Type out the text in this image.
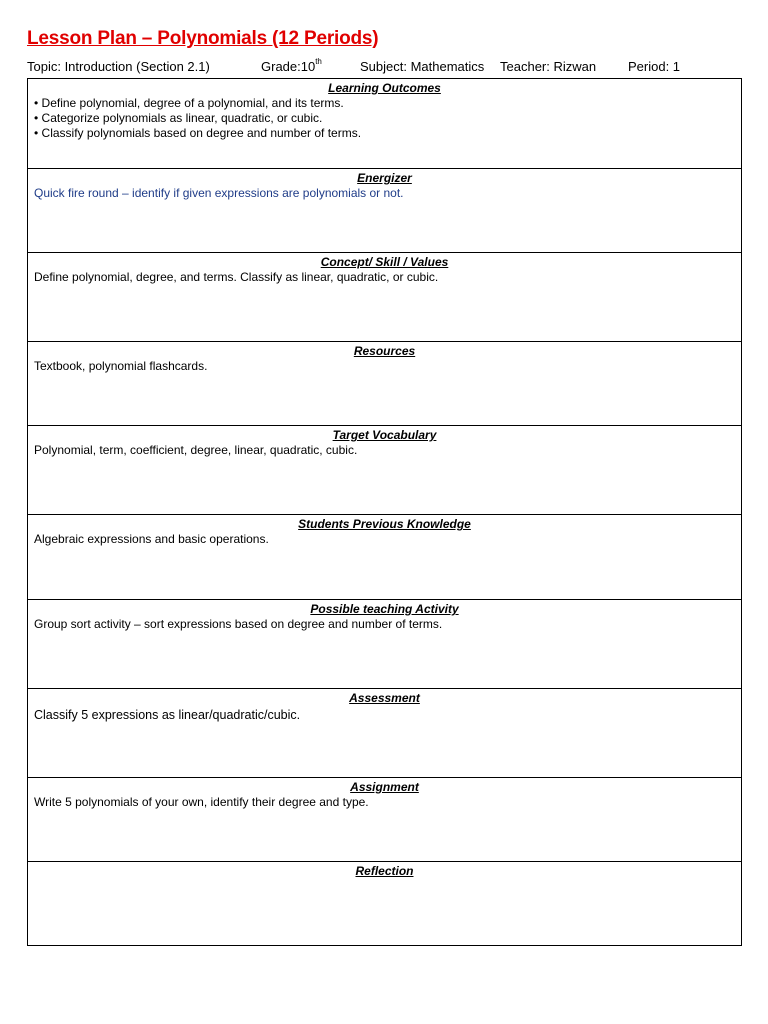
Lesson Plan – Polynomials (12 Periods)
Topic: Introduction (Section 2.1)	Grade:10th	Subject: Mathematics Teacher: Rizwan Period: 1
Learning Outcomes
• Define polynomial, degree of a polynomial, and its terms.
• Categorize polynomials as linear, quadratic, or cubic.
• Classify polynomials based on degree and number of terms.
Energizer
Quick fire round – identify if given expressions are polynomials or not.
Concept/ Skill / Values
Define polynomial, degree, and terms. Classify as linear, quadratic, or cubic.
Resources
Textbook, polynomial flashcards.
Target Vocabulary
Polynomial, term, coefficient, degree, linear, quadratic, cubic.
Students Previous Knowledge
Algebraic expressions and basic operations.
Possible teaching Activity
Group sort activity – sort expressions based on degree and number of terms.
Assessment
Classify 5 expressions as linear/quadratic/cubic.
Assignment
Write 5 polynomials of your own, identify their degree and type.
Reflection
